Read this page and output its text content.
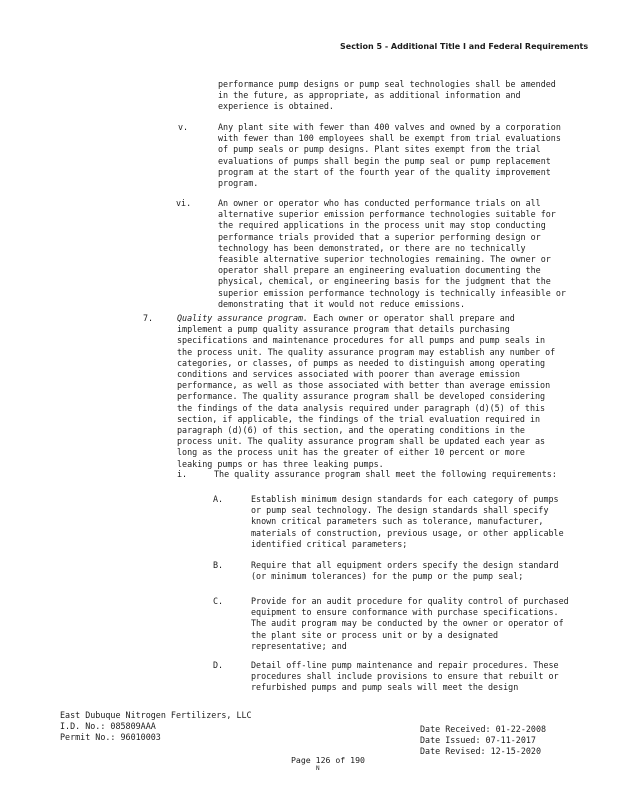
Section 5 - Additional Title I and Federal Requirements
performance pump designs or pump seal technologies shall be amended
in the future, as appropriate, as additional information and
experience is obtained.
v.	Any plant site with fewer than 400 valves and owned by a corporation
with fewer than 100 employees shall be exempt from trial evaluations
of pump seals or pump designs. Plant sites exempt from the trial
evaluations of pumps shall begin the pump seal or pump replacement
program at the start of the fourth year of the quality improvement
program.
vi.	An owner or operator who has conducted performance trials on all
alternative superior emission performance technologies suitable for
the required applications in the process unit may stop conducting
performance trials provided that a superior performing design or
technology has been demonstrated, or there are no technically
feasible alternative superior technologies remaining. The owner or
operator shall prepare an engineering evaluation documenting the
physical, chemical, or engineering basis for the judgment that the
superior emission performance technology is technically infeasible or
demonstrating that it would not reduce emissions.
7.	Quality assurance program. Each owner or operator shall prepare and
implement a pump quality assurance program that details purchasing
specifications and maintenance procedures for all pumps and pump seals in
the process unit. The quality assurance program may establish any number of
categories, or classes, of pumps as needed to distinguish among operating
conditions and services associated with poorer than average emission
performance, as well as those associated with better than average emission
performance. The quality assurance program shall be developed considering
the findings of the data analysis required under paragraph (d)(5) of this
section, if applicable, the findings of the trial evaluation required in
paragraph (d)(6) of this section, and the operating conditions in the
process unit. The quality assurance program shall be updated each year as
long as the process unit has the greater of either 10 percent or more
leaking pumps or has three leaking pumps.
i.	The quality assurance program shall meet the following requirements:
A.	Establish minimum design standards for each category of pumps
or pump seal technology. The design standards shall specify
known critical parameters such as tolerance, manufacturer,
materials of construction, previous usage, or other applicable
identified critical parameters;
B.	Require that all equipment orders specify the design standard
(or minimum tolerances) for the pump or the pump seal;
C.	Provide for an audit procedure for quality control of purchased
equipment to ensure conformance with purchase specifications.
The audit program may be conducted by the owner or operator of
the plant site or process unit or by a designated
representative; and
D.	Detail off-line pump maintenance and repair procedures. These
procedures shall include provisions to ensure that rebuilt or
refurbished pumps and pump seals will meet the design
East Dubuque Nitrogen Fertilizers, LLC
I.D. No.: 085809AAA
Permit No.: 96010003
Date Received: 01-22-2008
Date Issued: 07-11-2017
Date Revised: 12-15-2020
Page 126 of 190
N
